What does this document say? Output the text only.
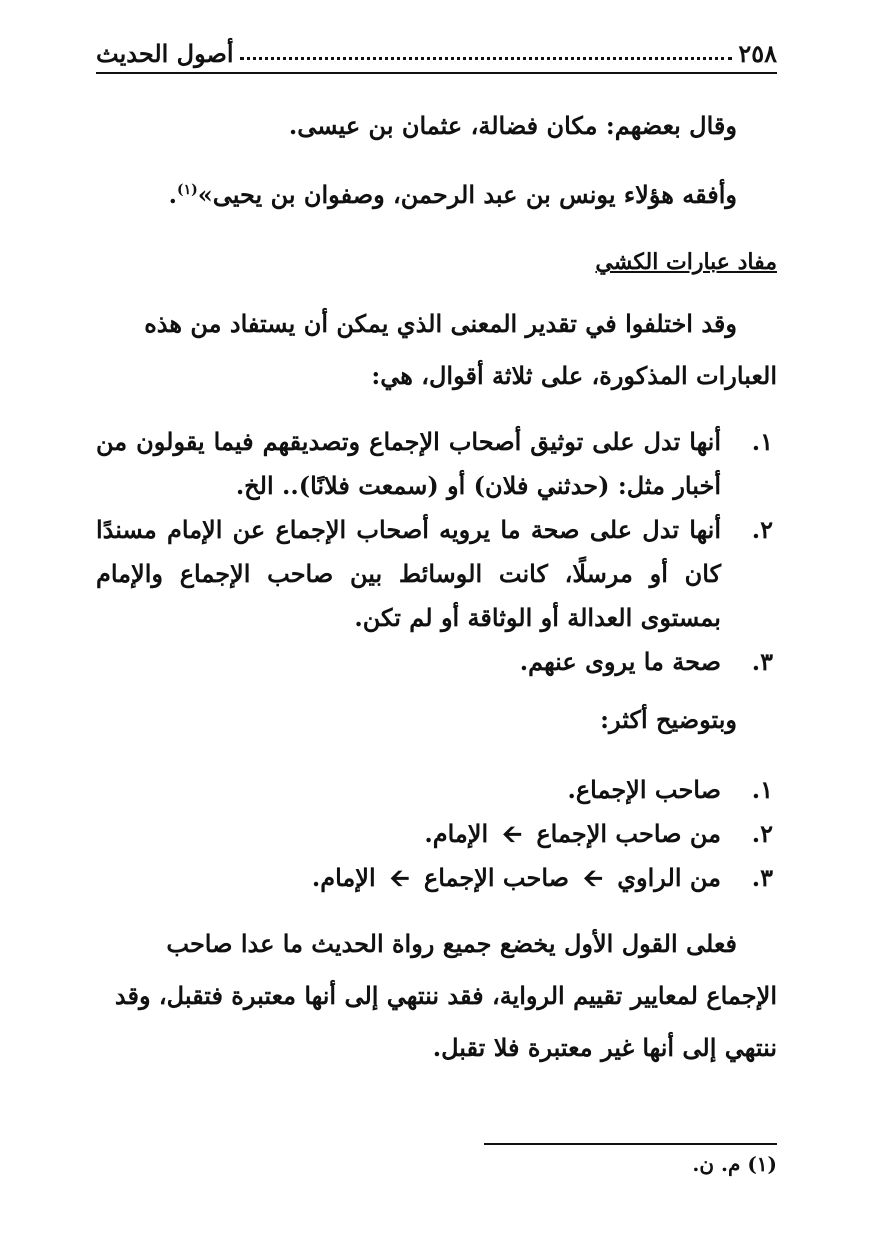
٢٥٨
أصول الحديث
وقال بعضهم: مكان فضالة، عثمان بن عيسى.
وأفقه هؤلاء يونس بن عبد الرحمن، وصفوان بن يحيى»$^{(١)}$.
مفاد عبارات الكشي
وقد اختلفوا في تقدير المعنى الذي يمكن أن يستفاد من هذه العبارات المذكورة، على ثلاثة أقوال، هي:
١.
أنها تدل على توثيق أصحاب الإجماع وتصديقهم فيما يقولون من أخبار مثل: (حدثني فلان) أو (سمعت فلانًا).. الخ.
٢.
أنها تدل على صحة ما يرويه أصحاب الإجماع عن الإمام مسندًا كان أو مرسلًا، كانت الوسائط بين صاحب الإجماع والإمام بمستوى العدالة أو الوثاقة أو لم تكن.
٣.
صحة ما يروى عنهم.
وبتوضيح أكثر:
١.
صاحب الإجماع.
٢.
من صاحب الإجماع 🡨 الإمام.
٣.
من الراوي 🡨 صاحب الإجماع 🡨 الإمام.
فعلى القول الأول يخضع جميع رواة الحديث ما عدا صاحب الإجماع لمعايير تقييم الرواية، فقد ننتهي إلى أنها معتبرة فتقبل، وقد ننتهي إلى أنها غير معتبرة فلا تقبل.
(١) م. ن.
